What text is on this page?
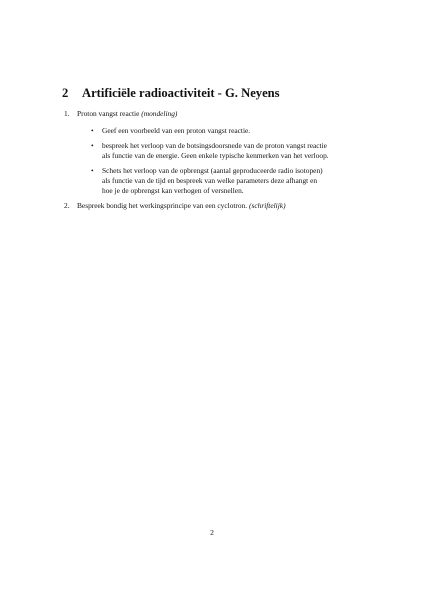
2 Artificiële radioactiviteit - G. Neyens
1. Proton vangst reactie (mondeling)
• Geef een voorbeeld van een proton vangst reactie.
• bespreek het verloop van de botsingsdoorsnede van de proton vangst reactie als functie van de energie. Geen enkele typische kenmerken van het verloop.
• Schets het verloop van de opbrengst (aantal geproduceerde radio isotopen) als functie van de tijd en bespreek van welke parameters deze afhangt en hoe je de opbrengst kan verhogen of versnellen.
2. Bespreek bondig het werkingsprincipe van een cyclotron. (schriftelijk)
2
